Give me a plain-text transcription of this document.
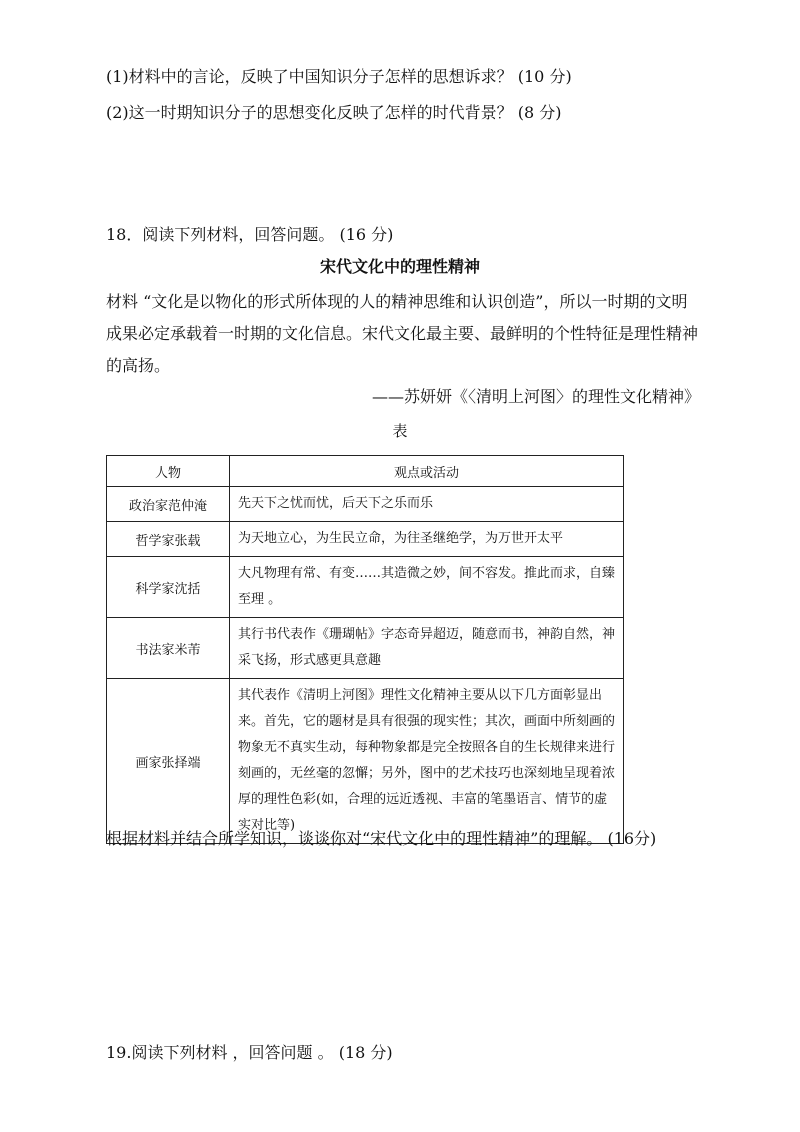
(1)材料中的言论，反映了中国知识分子怎样的思想诉求？ (10 分)
(2)这一时期知识分子的思想变化反映了怎样的时代背景？ (8 分)
18．阅读下列材料，回答问题。 (16 分)
宋代文化中的理性精神
材料 “文化是以物化的形式所体现的人的精神思维和认识创造”，所以一时期的文明成果必定承载着一时期的文化信息。宋代文化最主要、最鲜明的个性特征是理性精神的高扬。
——苏妍妍《〈清明上河图〉的理性文化精神》
表
人物	观点或活动
政治家范仲淹	先天下之忧而忧，后天下之乐而乐
哲学家张载	为天地立心，为生民立命，为往圣继绝学，为万世开太平
科学家沈括	大凡物理有常、有变……其造微之妙，间不容发。推此而求，自臻至理 。
书法家米芾	其行书代表作《珊瑚帖》字态奇异超迈，随意而书，神韵自然，神采飞扬，形式感更具意趣
画家张择端	其代表作《清明上河图》理性文化精神主要从以下几方面彰显出来。首先，它的题材是具有很强的现实性；其次，画面中所刻画的物象无不真实生动，每种物象都是完全按照各自的生长规律来进行刻画的，无丝毫的忽懈；另外，图中的艺术技巧也深刻地呈现着浓厚的理性色彩(如，合理的远近透视、丰富的笔墨语言、情节的虚实对比等)
根据材料并结合所学知识，谈谈你对“宋代文化中的理性精神”的理解。 (16分)
19.阅读下列材料 ，回答问题 。 (18 分)
